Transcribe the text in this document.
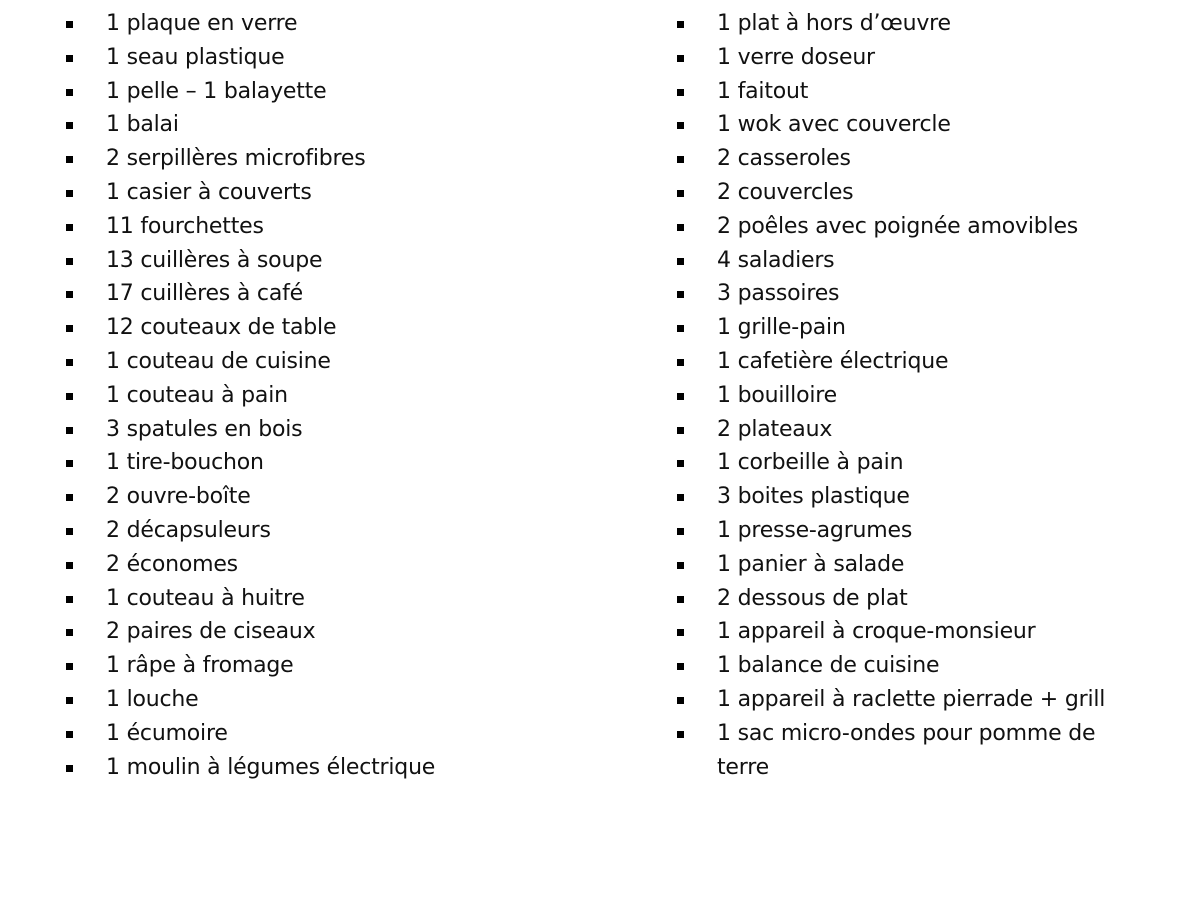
1 plaque en verre
1 seau plastique
1 pelle – 1 balayette
1 balai
2 serpillères microfibres
1 casier à couverts
11 fourchettes
13 cuillères à soupe
17 cuillères à café
12 couteaux de table
1 couteau de cuisine
1 couteau à pain
3 spatules en bois
1 tire-bouchon
2 ouvre-boîte
2 décapsuleurs
2 économes
1 couteau à huitre
2 paires de ciseaux
1 râpe à fromage
1 louche
1 écumoire
1 moulin à légumes électrique
1 plat à hors d’œuvre
1 verre doseur
1 faitout
1 wok avec couvercle
2 casseroles
2 couvercles
2 poêles avec poignée amovibles
4 saladiers
3 passoires
1 grille-pain
1 cafetière électrique
1 bouilloire
2 plateaux
1 corbeille à pain
3 boites plastique
1 presse-agrumes
1 panier à salade
2 dessous de plat
1 appareil à croque-monsieur
1 balance de cuisine
1 appareil à raclette pierrade + grill
1 sac micro-ondes pour pomme de terre
